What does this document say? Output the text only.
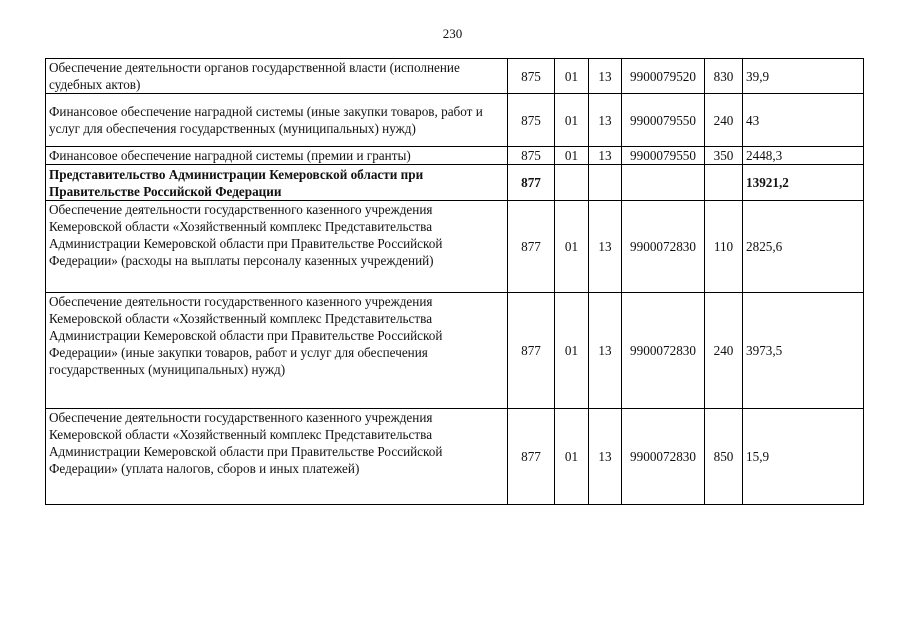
230
Обеспечение деятельности органов государственной власти (исполнение судебных актов)	875	01	13	9900079520	830	39,9
Финансовое обеспечение наградной системы (иные закупки товаров, работ и услуг для обеспечения государственных (муниципальных) нужд)	875	01	13	9900079550	240	43
Финансовое обеспечение наградной системы (премии и гранты)	875	01	13	9900079550	350	2448,3
Представительство Администрации Кемеровской области при Правительстве Российской Федерации	877					13921,2
Обеспечение деятельности государственного казенного учреждения Кемеровской области «Хозяйственный комплекс Представительства Администрации Кемеровской области при Правительстве Российской Федерации» (расходы на выплаты персоналу казенных учреждений)	877	01	13	9900072830	110	2825,6
Обеспечение деятельности государственного казенного учреждения Кемеровской области «Хозяйственный комплекс Представительства Администрации Кемеровской области при Правительстве Российской Федерации» (иные закупки товаров, работ и услуг для обеспечения государственных (муниципальных) нужд)	877	01	13	9900072830	240	3973,5
Обеспечение деятельности государственного казенного учреждения Кемеровской области «Хозяйственный комплекс Представительства Администрации Кемеровской области при Правительстве Российской Федерации» (уплата налогов, сборов и иных платежей)	877	01	13	9900072830	850	15,9
